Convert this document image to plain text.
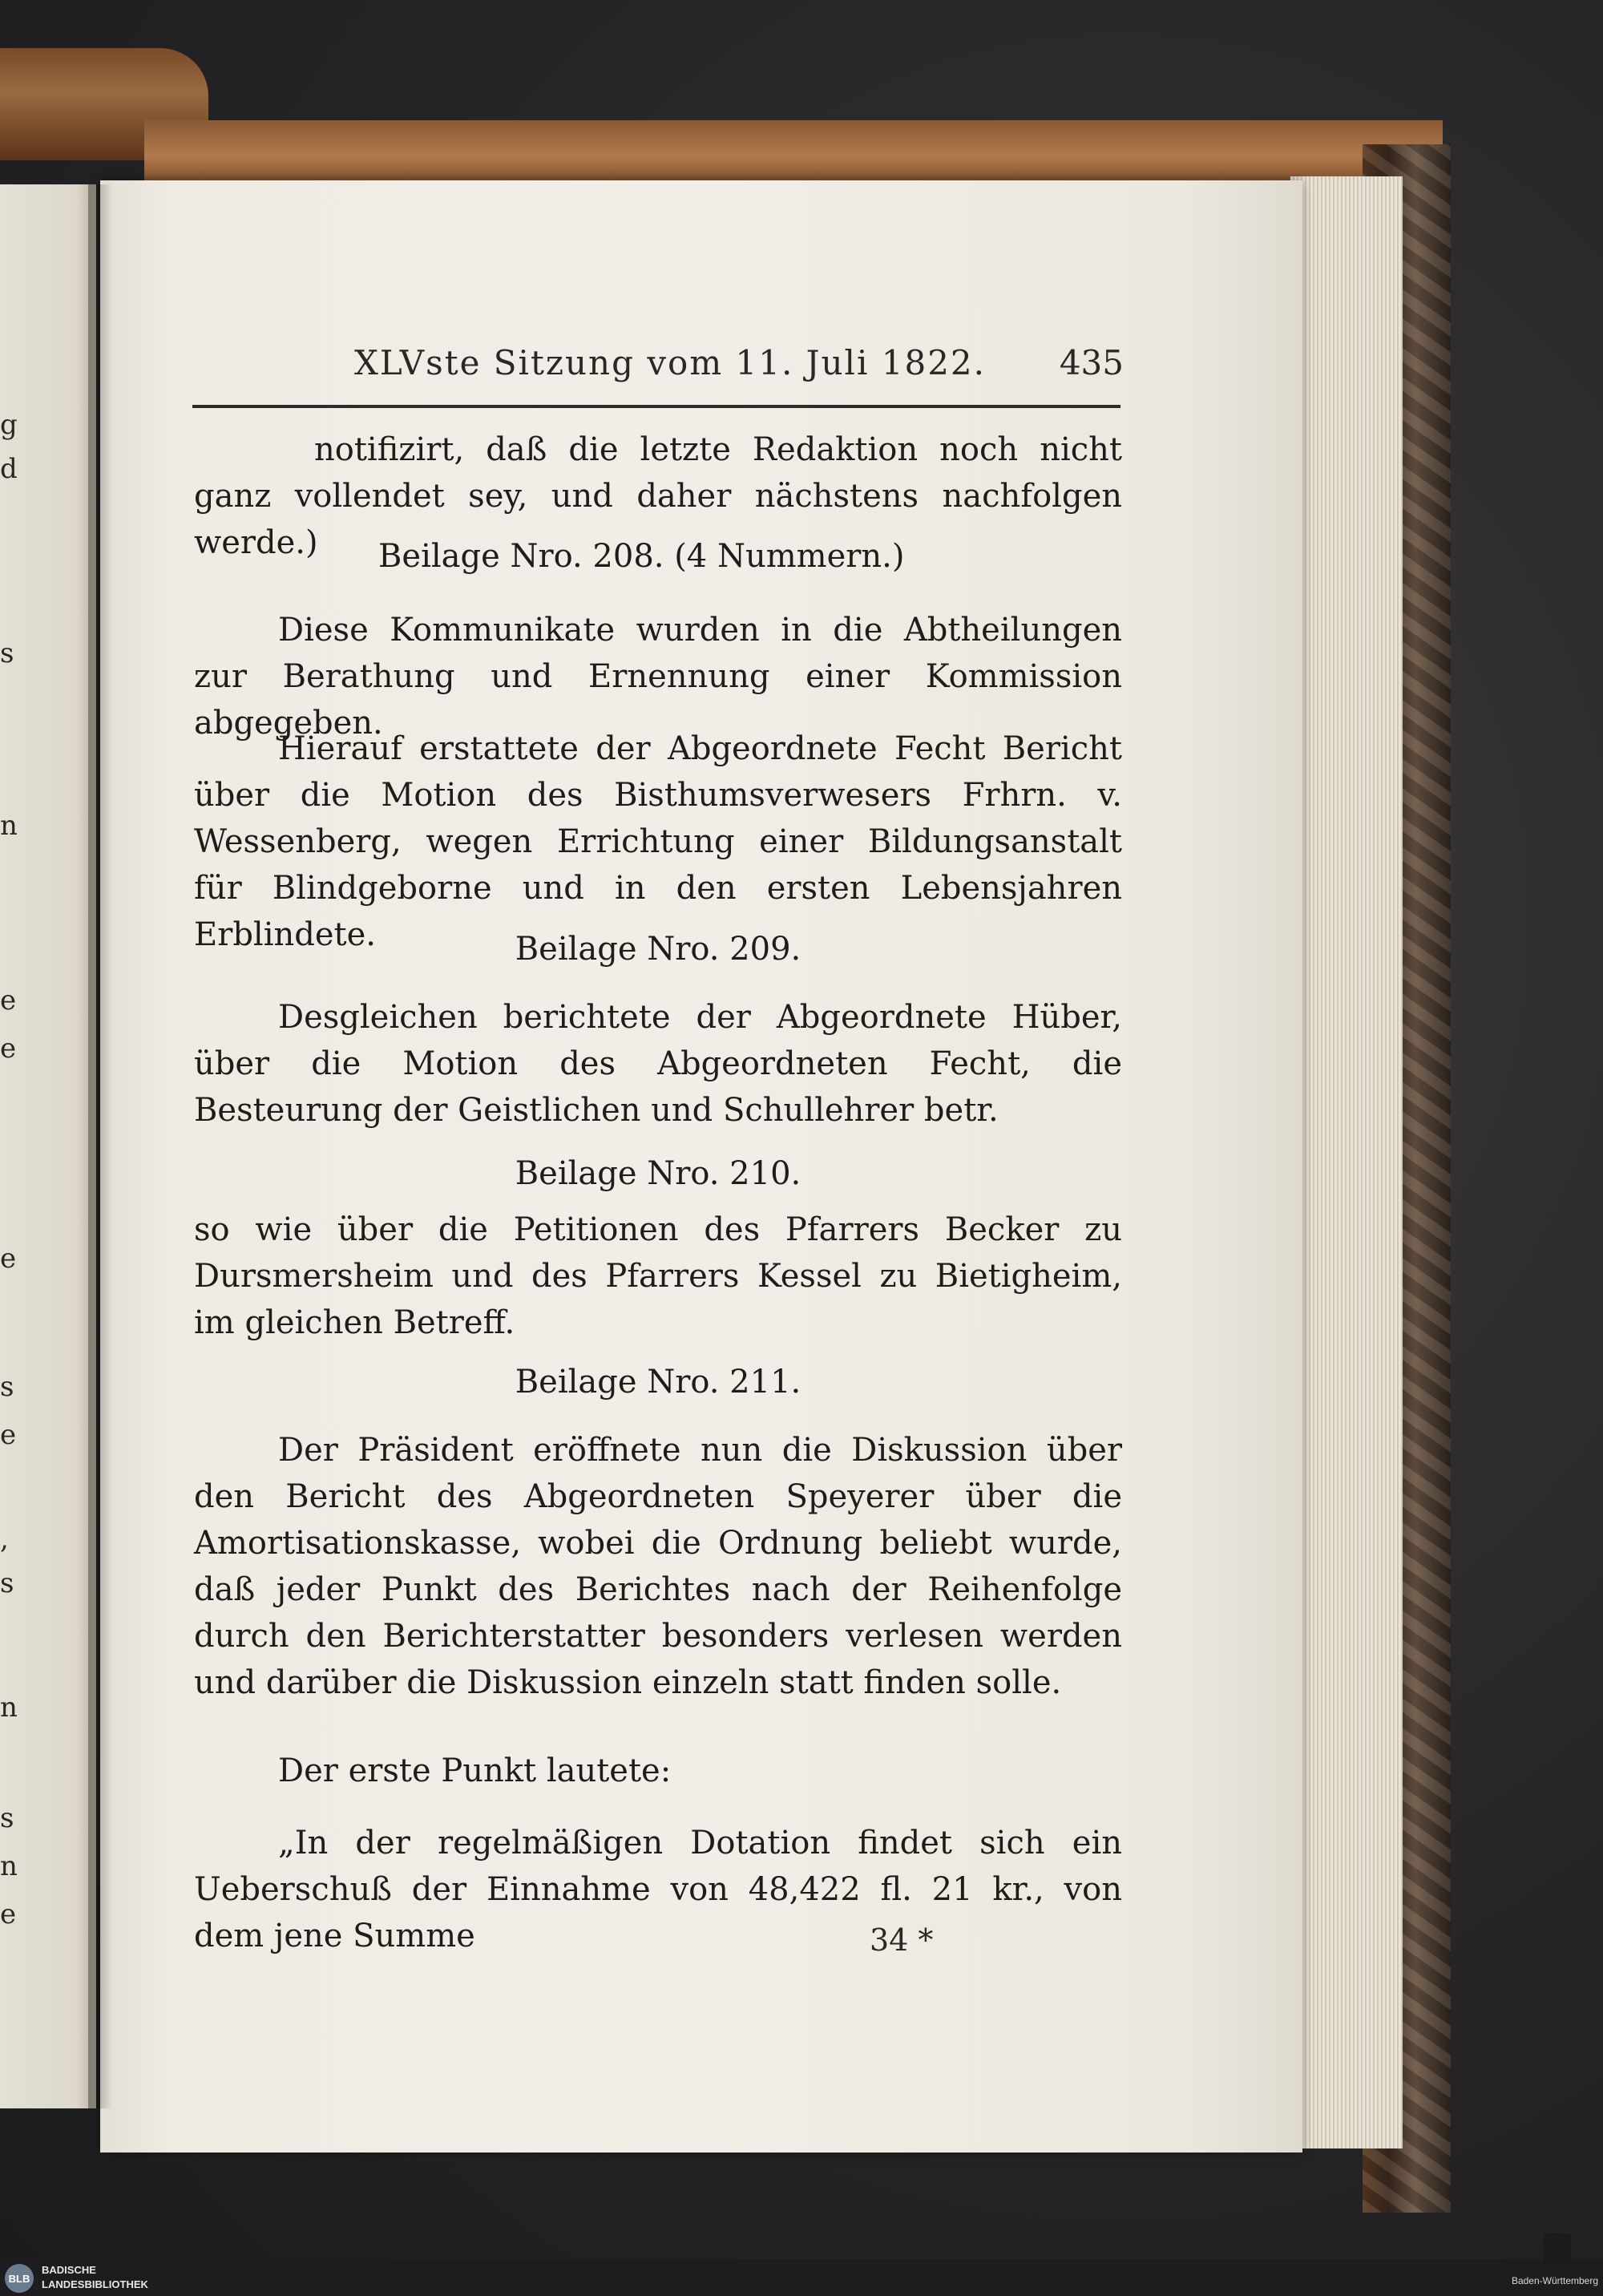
g
d
s
n
e
e
e
s
e
,
s
n
s
n
e
XLVste Sitzung vom 11. Juli 1822. 435

notifizirt, daß die letzte Redaktion noch nicht ganz vollendet sey, und daher nächstens nachfolgen werde.)	Beilage Nro. 208. (4 Nummern.)

Diese Kommunikate wurden in die Abtheilungen zur Berathung und Ernennung einer Kommission abgegeben.

Hierauf erstattete der Abgeordnete Fecht Bericht über die Motion des Bisthumsverwesers Frhrn. v. Wessenberg, wegen Errichtung einer Bildungsanstalt für Blindgeborne und in den ersten Lebensjahren Erblindete.	Beilage Nro. 209.

Desgleichen berichtete der Abgeordnete Hüber, über die Motion des Abgeordneten Fecht, die Besteurung der Geistlichen und Schullehrer betr.

Beilage Nro. 210.

so wie über die Petitionen des Pfarrers Becker zu Dursmersheim und des Pfarrers Kessel zu Bietigheim, im gleichen Betreff.

Beilage Nro. 211.

Der Präsident eröffnete nun die Diskussion über den Bericht des Abgeordneten Speyerer über die Amortisationskasse, wobei die Ordnung beliebt wurde, daß jeder Punkt des Berichtes nach der Reihenfolge durch den Berichterstatter besonders verlesen werden und darüber die Diskussion einzeln statt finden solle.

Der erste Punkt lautete:

„In der regelmäßigen Dotation findet sich ein Ueberschuß der Einnahme von 48,422 fl. 21 kr., von dem jene Summe	34 *
BLB
BADISCHE
LANDESBIBLIOTHEK	Baden-Württemberg
